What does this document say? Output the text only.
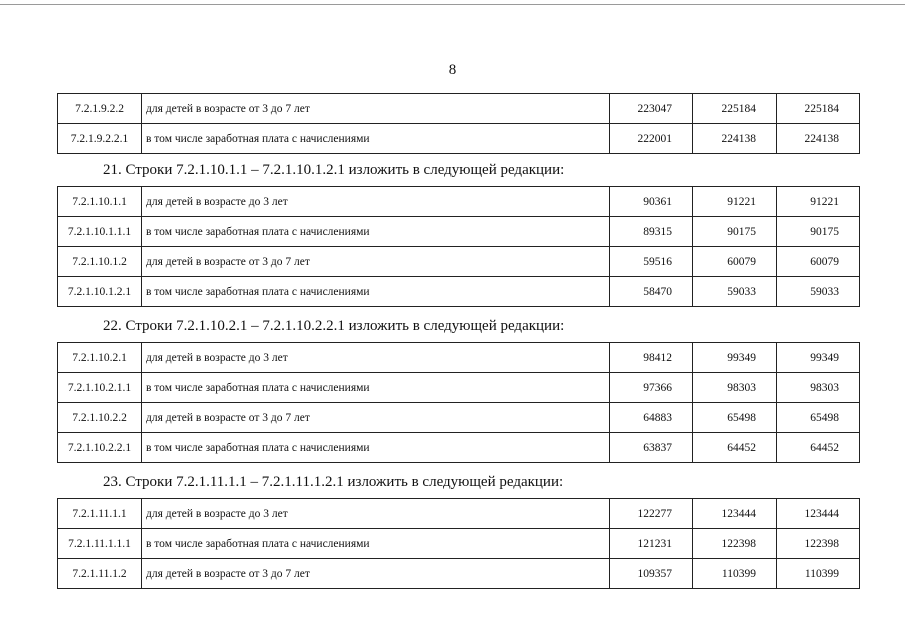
8
7.2.1.9.2.2	для детей в возрасте от 3 до 7 лет	223047	225184	225184
7.2.1.9.2.2.1	в том числе заработная плата с начислениями	222001	224138	224138
21. Строки 7.2.1.10.1.1 – 7.2.1.10.1.2.1 изложить в следующей редакции:
7.2.1.10.1.1	для детей в возрасте до 3 лет	90361	91221	91221
7.2.1.10.1.1.1	в том числе заработная плата с начислениями	89315	90175	90175
7.2.1.10.1.2	для детей в возрасте от 3 до 7 лет	59516	60079	60079
7.2.1.10.1.2.1	в том числе заработная плата с начислениями	58470	59033	59033
22. Строки 7.2.1.10.2.1 – 7.2.1.10.2.2.1 изложить в следующей редакции:
7.2.1.10.2.1	для детей в возрасте до 3 лет	98412	99349	99349
7.2.1.10.2.1.1	в том числе заработная плата с начислениями	97366	98303	98303
7.2.1.10.2.2	для детей в возрасте от 3 до 7 лет	64883	65498	65498
7.2.1.10.2.2.1	в том числе заработная плата с начислениями	63837	64452	64452
23. Строки 7.2.1.11.1.1 – 7.2.1.11.1.2.1 изложить в следующей редакции:
7.2.1.11.1.1	для детей в возрасте до 3 лет	122277	123444	123444
7.2.1.11.1.1.1	в том числе заработная плата с начислениями	121231	122398	122398
7.2.1.11.1.2	для детей в возрасте от 3 до 7 лет	109357	110399	110399
